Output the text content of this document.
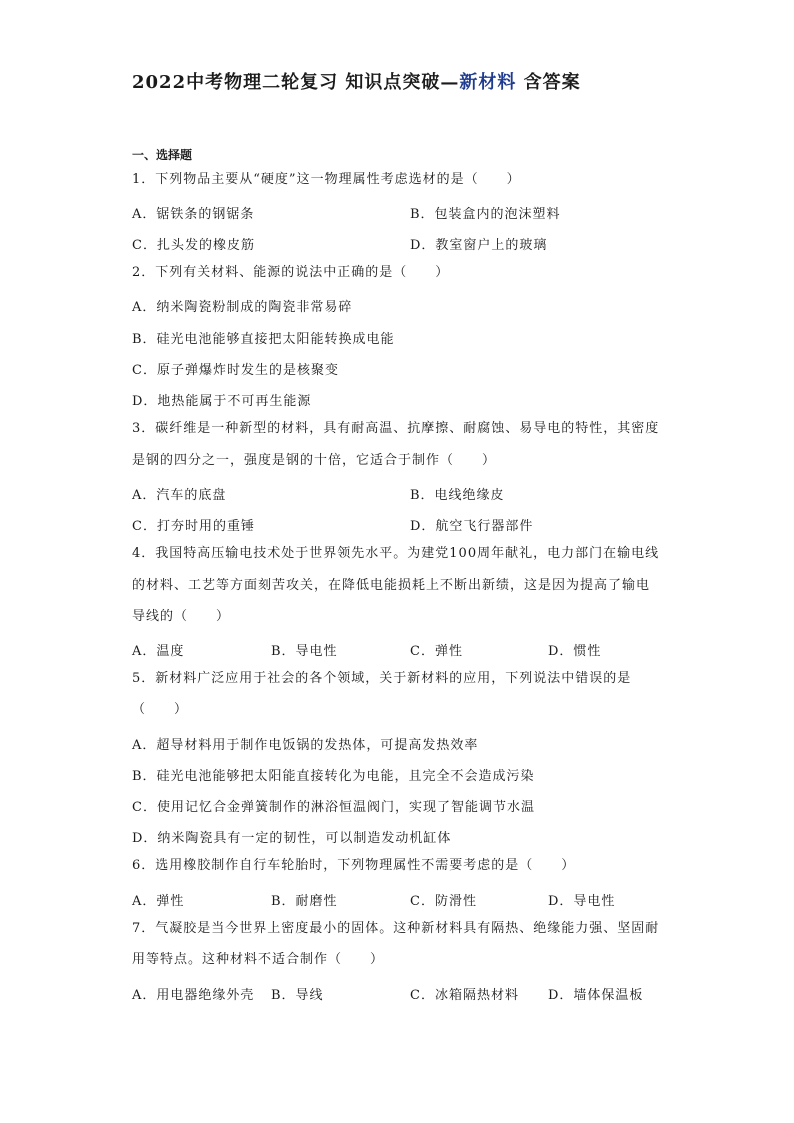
2022中考物理二轮复习 知识点突破—新材料 含答案
一、选择题
1．下列物品主要从“硬度”这一物理属性考虑选材的是（　　）
A．锯铁条的钢锯条	B．包装盒内的泡沫塑料
C．扎头发的橡皮筋	D．教室窗户上的玻璃
2．下列有关材料、能源的说法中正确的是（　　）
A．纳米陶瓷粉制成的陶瓷非常易碎
B．硅光电池能够直接把太阳能转换成电能
C．原子弹爆炸时发生的是核聚变
D．地热能属于不可再生能源
3．碳纤维是一种新型的材料，具有耐高温、抗摩擦、耐腐蚀、易导电的特性，其密度
是钢的四分之一，强度是钢的十倍，它适合于制作（　　）
A．汽车的底盘	B．电线绝缘皮
C．打夯时用的重锤	D．航空飞行器部件
4．我国特高压输电技术处于世界领先水平。为建党100周年献礼，电力部门在输电线
的材料、工艺等方面刻苦攻关，在降低电能损耗上不断出新绩，这是因为提高了输电
导线的（　　）
A．温度	B．导电性	C．弹性	D．惯性
5．新材料广泛应用于社会的各个领域，关于新材料的应用，下列说法中错误的是
（　　）
A．超导材料用于制作电饭锅的发热体，可提高发热效率
B．硅光电池能够把太阳能直接转化为电能，且完全不会造成污染
C．使用记忆合金弹簧制作的淋浴恒温阀门，实现了智能调节水温
D．纳米陶瓷具有一定的韧性，可以制造发动机缸体
6．选用橡胶制作自行车轮胎时，下列物理属性不需要考虑的是（　　）
A．弹性	B．耐磨性	C．防滑性	D．导电性
7．气凝胶是当今世界上密度最小的固体。这种新材料具有隔热、绝缘能力强、坚固耐
用等特点。这种材料不适合制作（　　）
A．用电器绝缘外壳 B．导线	C．冰箱隔热材料 D．墙体保温板
